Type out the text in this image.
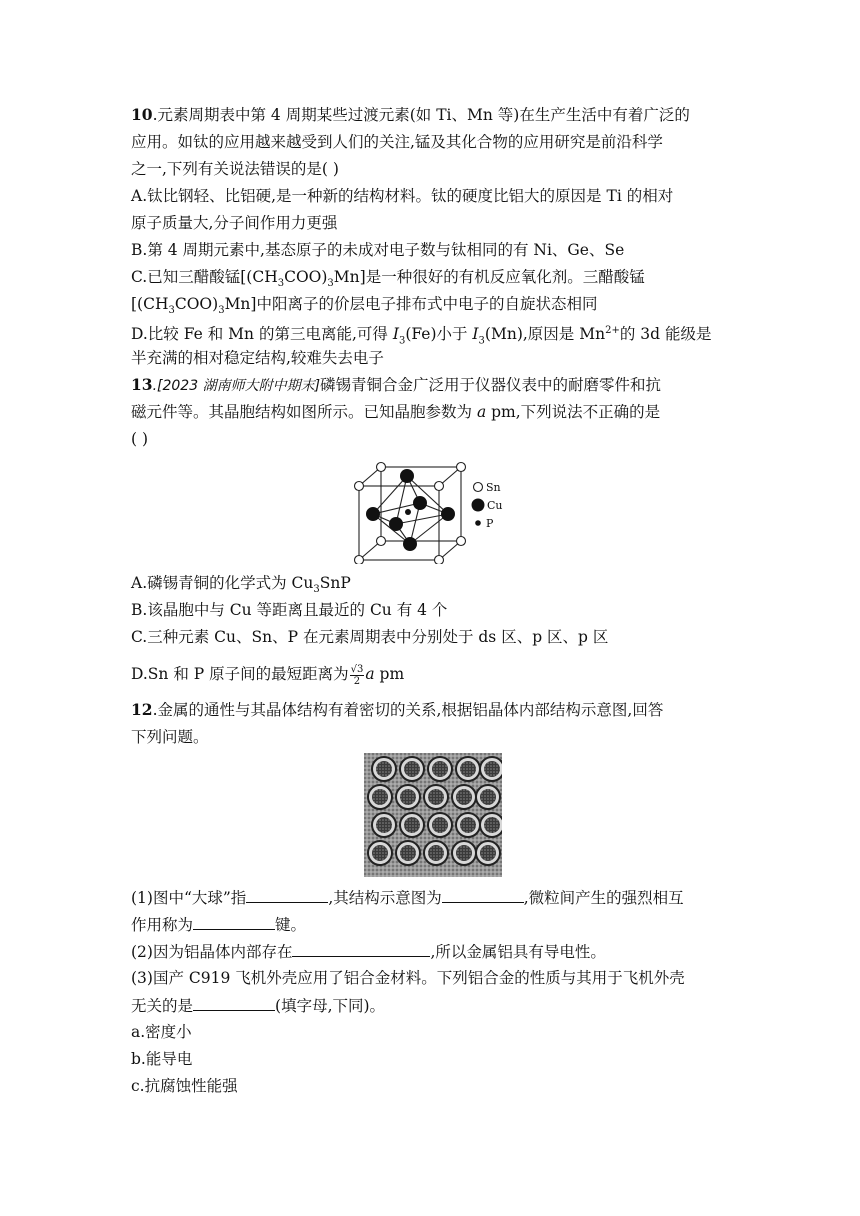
10.元素周期表中第 4 周期某些过渡元素(如 Ti、Mn 等)在生产生活中有着广泛的
应用。如钛的应用越来越受到人们的关注,锰及其化合物的应用研究是前沿科学
之一,下列有关说法错误的是( )
A.钛比钢轻、比铝硬,是一种新的结构材料。钛的硬度比铝大的原因是 Ti 的相对
原子质量大,分子间作用力更强
B.第 4 周期元素中,基态原子的未成对电子数与钛相同的有 Ni、Ge、Se
C.已知三醋酸锰$[(CH_3COO)_3Mn]$是一种很好的有机反应氧化剂。三醋酸锰
$[(CH_3COO)_3Mn]$中阳离子的价层电子排布式中电子的自旋状态相同
D.比较 Fe 和 Mn 的第三电离能,可得 $I_3(Fe)$小于 $I_3(Mn)$,原因是 $Mn^{2+}$的 3d 能级是
半充满的相对稳定结构,较难失去电子
13.[2023 湖南师大附中期末]磷锡青铜合金广泛用于仪器仪表中的耐磨零件和抗
磁元件等。其晶胞结构如图所示。已知晶胞参数为 a pm,下列说法不正确的是
( )
Sn
Cu
P
A.磷锡青铜的化学式为 $Cu_3SnP$
B.该晶胞中与 Cu 等距离且最近的 Cu 有 4 个
C.三种元素 Cu、Sn、P 在元素周期表中分别处于 ds 区、p 区、p 区
D.Sn 和 P 原子间的最短距离为 $\frac{√3}{2}$ a pm
12.金属的通性与其晶体结构有着密切的关系,根据铝晶体内部结构示意图,回答
下列问题。
(1)图中“大球”指	,其结构示意图为	,微粒间产生的强烈相互
作用称为	键。
(2)因为铝晶体内部存在	,所以金属铝具有导电性。
(3)国产 C919 飞机外壳应用了铝合金材料。下列铝合金的性质与其用于飞机外壳
无关的是	(填字母,下同)。
a.密度小
b.能导电
c.抗腐蚀性能强
